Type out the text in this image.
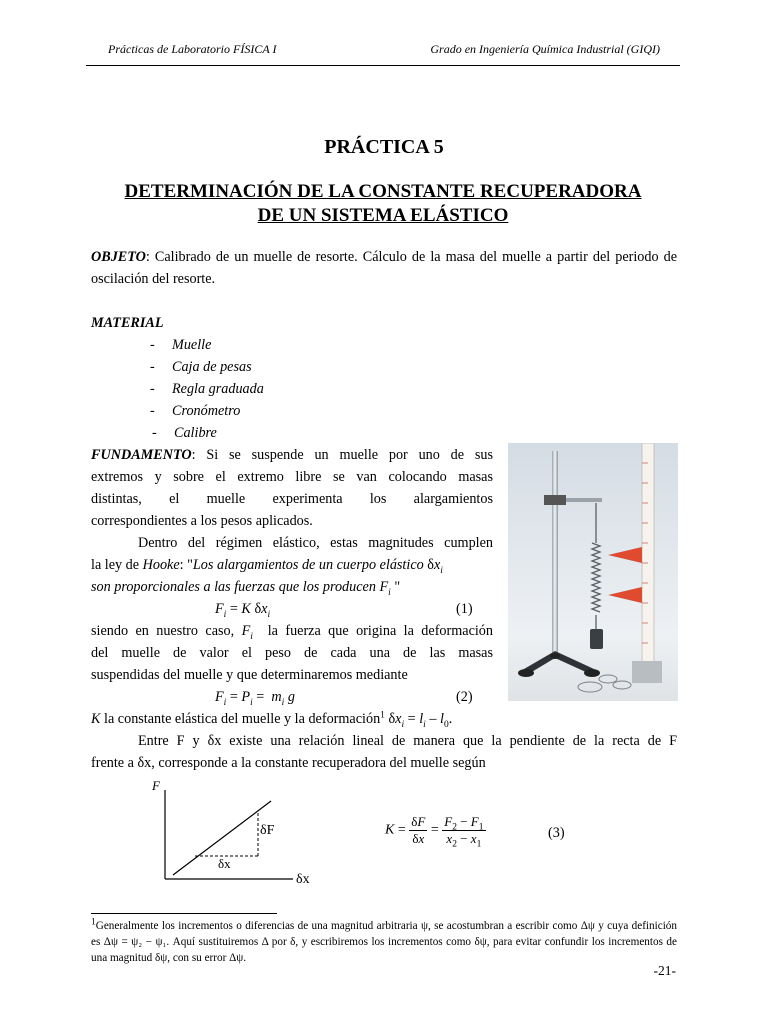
Prácticas de Laboratorio FÍSICA I	Grado en Ingeniería Química Industrial (GIQI)
PRÁCTICA 5
DETERMINACIÓN DE LA CONSTANTE RECUPERADORA
DE UN SISTEMA ELÁSTICO
OBJETO: Calibrado de un muelle de resorte. Cálculo de la masa del muelle a partir del periodo de oscilación del resorte.
MATERIAL
- Muelle
- Caja de pesas
- Regla graduada
- Cronómetro
- Calibre
FUNDAMENTO: Si se suspende un muelle por uno de sus
extremos y sobre el extremo libre se van colocando masas
distintas, el muelle experimenta los alargamientos
correspondientes a los pesos aplicados.
Dentro del régimen elástico, estas magnitudes cumplen
la ley de Hooke: "Los alargamientos de un cuerpo elástico $\delta x_i$
son proporcionales a las fuerzas que los producen $F_i$ "
$F_i = K$ $\delta x_i$	(1)
siendo en nuestro caso, $F_i$ la fuerza que origina la deformación
del muelle de valor el peso de cada una de las masas
suspendidas del muelle y que determinaremos mediante
$F_i = P_i = m_i$ g	(2)
K la constante elástica del muelle y la deformación$^1$ $\delta x_i = l_i - l_0$.
Entre F y δx existe una relación lineal de manera que la pendiente de la recta de F
frente a δx, corresponde a la constante recuperadora del muelle según
F
δF
δx
δx
$K = \frac{\delta F}{\delta x} = \frac{F_2 - F_1}{x_2 - x_1}$	(3)
$^1$Generalmente los incrementos o diferencias de una magnitud arbitraria ψ, se acostumbran a escribir como Δψ y cuya definición es Δψ = ψ₂ − ψ₁. Aquí sustituiremos Δ por δ, y escribiremos los incrementos como δψ, para evitar confundir los incrementos de una magnitud δψ, con su error Δψ.
-21-
